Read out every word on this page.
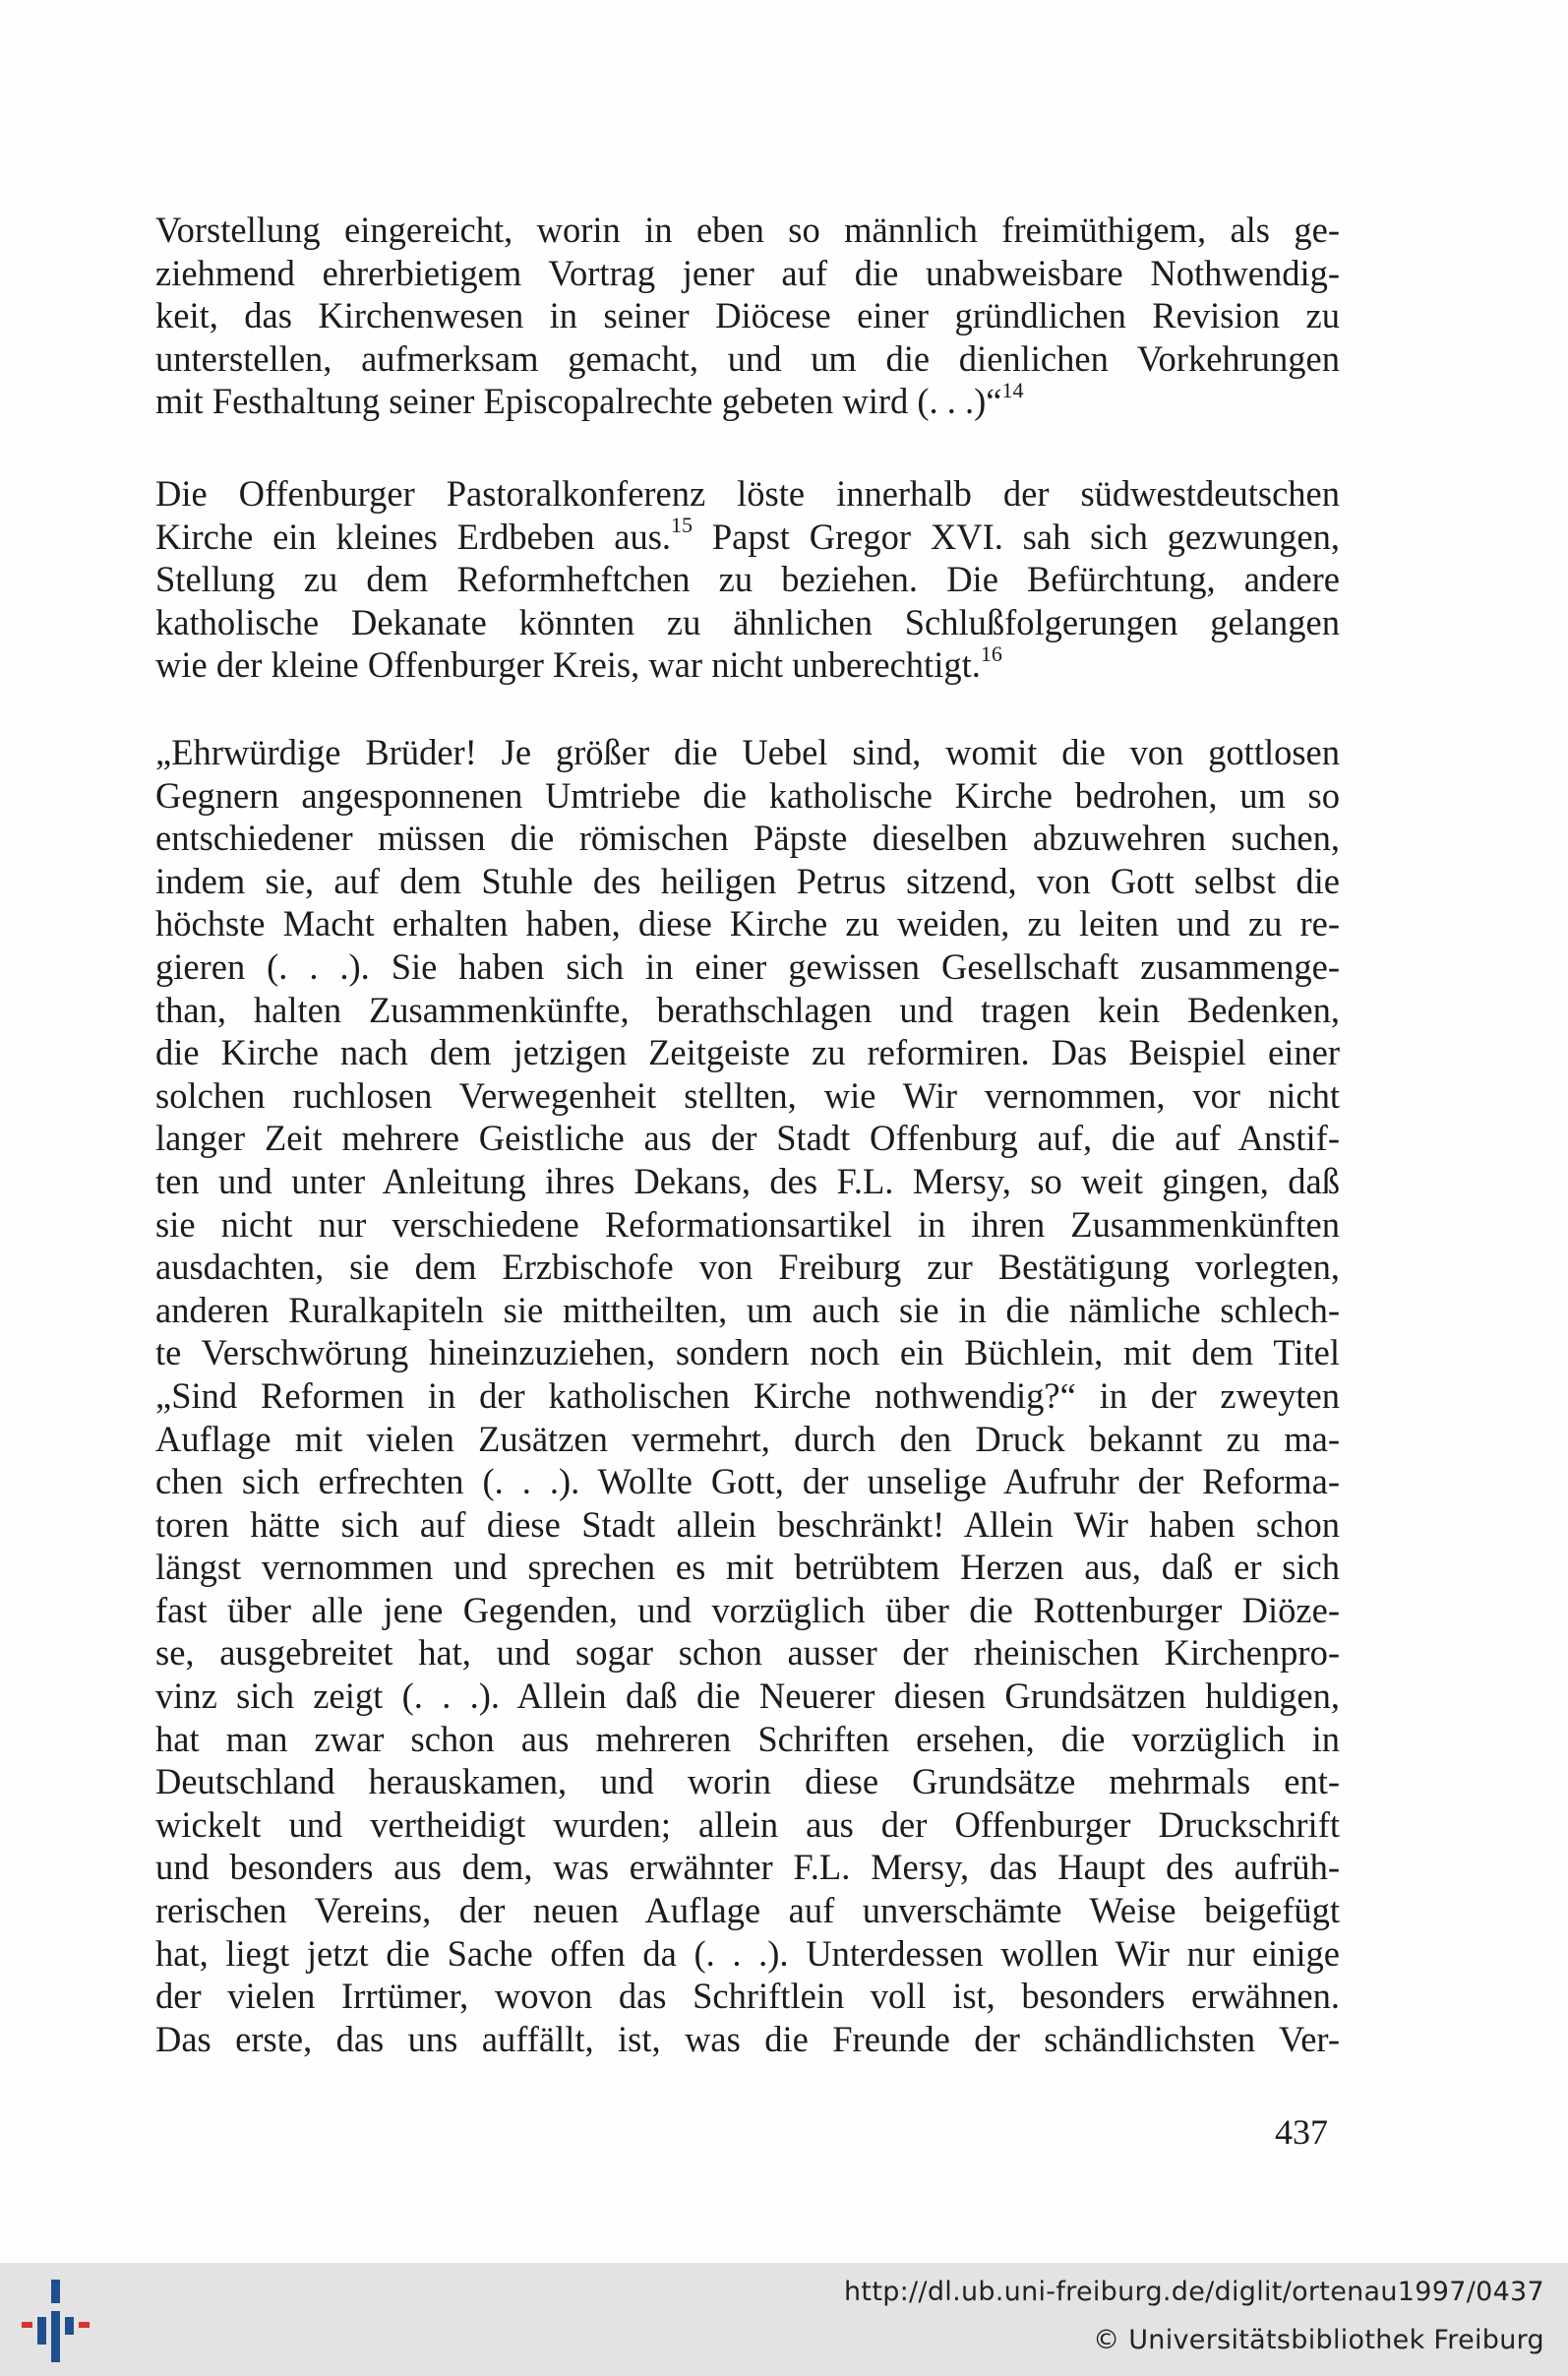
Vorstellung eingereicht, worin in eben so männlich freimüthigem, als ge-
ziehmend ehrerbietigem Vortrag jener auf die unabweisbare Nothwendig-
keit, das Kirchenwesen in seiner Diöcese einer gründlichen Revision zu
unterstellen, aufmerksam gemacht, und um die dienlichen Vorkehrungen
mit Festhaltung seiner Episcopalrechte gebeten wird (. . .)“$^{14}$
Die Offenburger Pastoralkonferenz löste innerhalb der südwestdeutschen
Kirche ein kleines Erdbeben aus.$^{15}$ Papst Gregor XVI. sah sich gezwungen,
Stellung zu dem Reformheftchen zu beziehen. Die Befürchtung, andere
katholische Dekanate könnten zu ähnlichen Schlußfolgerungen gelangen
wie der kleine Offenburger Kreis, war nicht unberechtigt.$^{16}$
„Ehrwürdige Brüder! Je größer die Uebel sind, womit die von gottlosen
Gegnern angesponnenen Umtriebe die katholische Kirche bedrohen, um so
entschiedener müssen die römischen Päpste dieselben abzuwehren suchen,
indem sie, auf dem Stuhle des heiligen Petrus sitzend, von Gott selbst die
höchste Macht erhalten haben, diese Kirche zu weiden, zu leiten und zu re-
gieren (. . .). Sie haben sich in einer gewissen Gesellschaft zusammenge-
than, halten Zusammenkünfte, berathschlagen und tragen kein Bedenken,
die Kirche nach dem jetzigen Zeitgeiste zu reformiren. Das Beispiel einer
solchen ruchlosen Verwegenheit stellten, wie Wir vernommen, vor nicht
langer Zeit mehrere Geistliche aus der Stadt Offenburg auf, die auf Anstif-
ten und unter Anleitung ihres Dekans, des F.L. Mersy, so weit gingen, daß
sie nicht nur verschiedene Reformationsartikel in ihren Zusammenkünften
ausdachten, sie dem Erzbischofe von Freiburg zur Bestätigung vorlegten,
anderen Ruralkapiteln sie mittheilten, um auch sie in die nämliche schlech-
te Verschwörung hineinzuziehen, sondern noch ein Büchlein, mit dem Titel
„Sind Reformen in der katholischen Kirche nothwendig?“ in der zweyten
Auflage mit vielen Zusätzen vermehrt, durch den Druck bekannt zu ma-
chen sich erfrechten (. . .). Wollte Gott, der unselige Aufruhr der Reforma-
toren hätte sich auf diese Stadt allein beschränkt! Allein Wir haben schon
längst vernommen und sprechen es mit betrübtem Herzen aus, daß er sich
fast über alle jene Gegenden, und vorzüglich über die Rottenburger Diöze-
se, ausgebreitet hat, und sogar schon ausser der rheinischen Kirchenpro-
vinz sich zeigt (. . .). Allein daß die Neuerer diesen Grundsätzen huldigen,
hat man zwar schon aus mehreren Schriften ersehen, die vorzüglich in
Deutschland herauskamen, und worin diese Grundsätze mehrmals ent-
wickelt und vertheidigt wurden; allein aus der Offenburger Druckschrift
und besonders aus dem, was erwähnter F.L. Mersy, das Haupt des aufrüh-
rerischen Vereins, der neuen Auflage auf unverschämte Weise beigefügt
hat, liegt jetzt die Sache offen da (. . .). Unterdessen wollen Wir nur einige
der vielen Irrtümer, wovon das Schriftlein voll ist, besonders erwähnen.
Das erste, das uns auffällt, ist, was die Freunde der schändlichsten Ver-
437
http://dl.ub.uni-freiburg.de/diglit/ortenau1997/0437
© Universitätsbibliothek Freiburg
